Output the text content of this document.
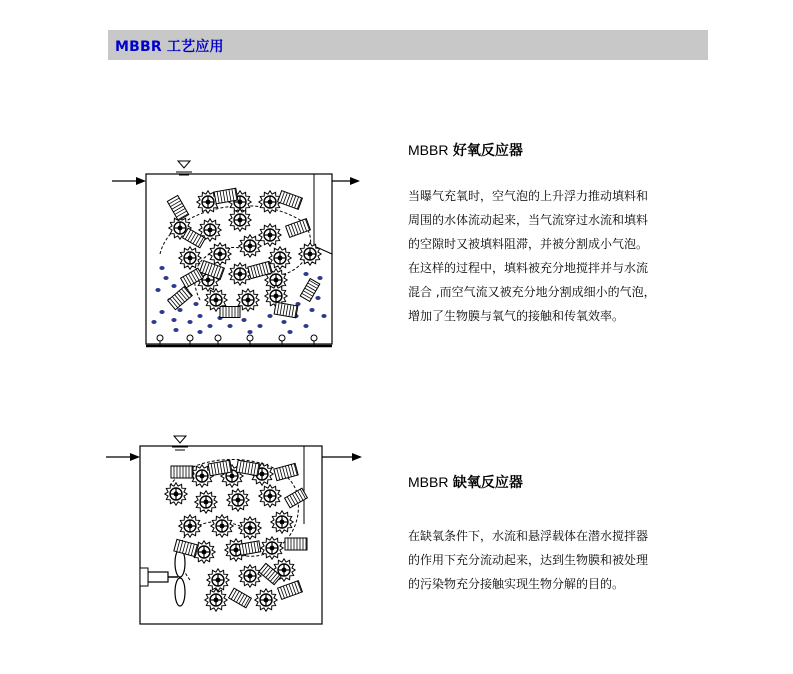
MBBR 工艺应用
MBBR 好氧反应器
当曝气充氧时，空气泡的上升浮力推动填料和
周围的水体流动起来，当气流穿过水流和填料
的空隙时又被填料阻滞，并被分割成小气泡。
在这样的过程中，填料被充分地搅拌并与水流
混合 ,而空气流又被充分地分割成细小的气泡，
增加了生物膜与氧气的接触和传氧效率。
MBBR 缺氧反应器
在缺氧条件下，水流和悬浮载体在潜水搅拌器
的作用下充分流动起来，达到生物膜和被处理
的污染物充分接触实现生物分解的目的。
